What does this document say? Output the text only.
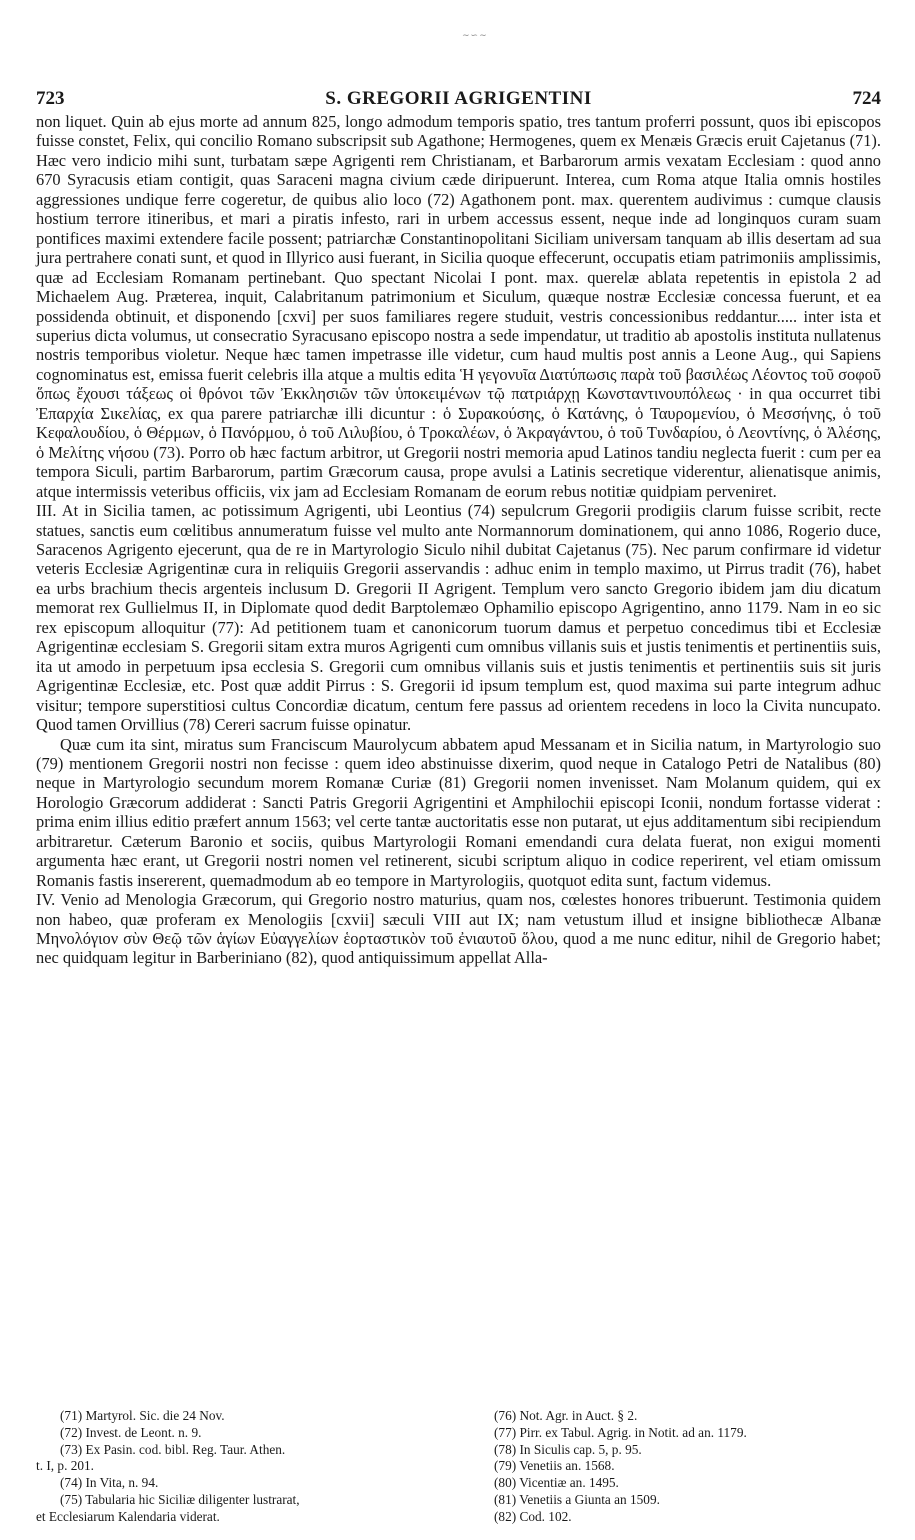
∼∽∼
723	S. GREGORII AGRIGENTINI	724

non liquet. Quin ab ejus morte ad annum 825, longo admodum temporis spatio, tres tantum proferri possunt, quos ibi episcopos fuisse constet, Felix, qui concilio Romano subscripsit sub Agathone; Hermogenes, quem ex Menæis Græcis eruit Cajetanus (71). Hæc vero indicio mihi sunt, turbatam sæpe Agrigenti rem Christianam, et Barbarorum armis vexatam Ecclesiam : quod anno 670 Syracusis etiam contigit, quas Saraceni magna civium cæde diripuerunt. Interea, cum Roma atque Italia omnis hostiles aggressiones undique ferre cogeretur, de quibus alio loco (72) Agathonem pont. max. querentem audivimus : cumque clausis hostium terrore itineribus, et mari a piratis infesto, rari in urbem accessus essent, neque inde ad longinquos curam suam pontifices maximi extendere facile possent; patriarchæ Constantinopolitani Siciliam universam tanquam ab illis desertam ad sua jura pertrahere conati sunt, et quod in Illyrico ausi fuerant, in Sicilia quoque effecerunt, occupatis etiam patrimoniis amplissimis, quæ ad Ecclesiam Romanam pertinebant. Quo spectant Nicolai I pont. max. querelæ ablata repetentis in epistola 2 ad Michaelem Aug. Præterea, inquit, Calabritanum patrimonium et Siculum, quæque nostræ Ecclesiæ concessa fuerunt, et ea possidenda obtinuit, et disponendo [cxvi] per suos familiares regere studuit, vestris concessionibus reddantur..... inter ista et superius dicta volumus, ut consecratio Syracusano episcopo nostra a sede impendatur, ut traditio ab apostolis instituta nullatenus nostris temporibus violetur. Neque hæc tamen impetrasse ille videtur, cum haud multis post annis a Leone Aug., qui Sapiens cognominatus est, emissa fuerit celebris illa atque a multis edita Ἡ γεγονυῖα Διατύπωσις παρὰ τοῦ βασιλέως Λέοντος τοῦ σοφοῦ ὅπως ἔχουσι τάξεως οἱ θρόνοι τῶν Ἐκκλησιῶν τῶν ὑποκειμένων τῷ πατριάρχῃ Κωνσταντινουπόλεως · in qua occurret tibi Ἐπαρχία Σικελίας, ex qua parere patriarchæ illi dicuntur : ὁ Συρακούσης, ὁ Κατάνης, ὁ Ταυρομενίου, ὁ Μεσσήνης, ὁ τοῦ Κεφαλουδίου, ὁ Θέρμων, ὁ Πανόρμου, ὁ τοῦ Λιλυβίου, ὁ Τροκαλέων, ὁ Ἀκραγάντου, ὁ τοῦ Τυνδαρίου, ὁ Λεοντίνης, ὁ Ἀλέσης, ὁ Μελίτης νήσου (73). Porro ob hæc factum arbitror, ut Gregorii nostri memoria apud Latinos tandiu neglecta fuerit : cum per ea tempora Siculi, partim Barbarorum, partim Græcorum causa, prope avulsi a Latinis secretique viderentur, alienatisque animis, atque intermissis veteribus officiis, vix jam ad Ecclesiam Romanam de eorum rebus notitiæ quidpiam perveniret.

III. At in Sicilia tamen, ac potissimum Agrigenti, ubi Leontius (74) sepulcrum Gregorii prodigiis clarum fuisse scribit, recte statues, sanctis eum cœlitibus annumeratum fuisse vel multo ante Normannorum dominationem, qui anno 1086, Rogerio duce, Saracenos Agrigento ejecerunt, qua de re in Martyrologio Siculo nihil dubitat Cajetanus (75). Nec parum confirmare id videtur veteris Ecclesiæ Agrigentinæ cura in reliquiis Gregorii asservandis : adhuc enim in templo maximo, ut Pirrus tradit (76), habet ea urbs brachium thecis argenteis inclusum D. Gregorii II Agrigent. Templum vero sancto Gregorio ibidem jam diu dicatum memorat rex Gullielmus II, in Diplomate quod dedit Barptolemæo Ophamilio episcopo Agrigentino, anno 1179. Nam in eo sic rex episcopum alloquitur (77): Ad petitionem tuam et canonicorum tuorum damus et perpetuo concedimus tibi et Ecclesiæ Agrigentinæ ecclesiam S. Gregorii sitam extra muros Agrigenti cum omnibus villanis suis et justis tenimentis et pertinentiis suis, ita ut amodo in perpetuum ipsa ecclesia S. Gregorii cum omnibus villanis suis et justis tenimentis et pertinentiis suis sit juris Agrigentinæ Ecclesiæ, etc. Post quæ addit Pirrus : S. Gregorii id ipsum templum est, quod maxima sui parte integrum adhuc visitur; tempore superstitiosi cultus Concordiæ dicatum, centum fere passus ad orientem recedens in loco la Civita nuncupato. Quod tamen Orvillius (78) Cereri sacrum fuisse opinatur.

Quæ cum ita sint, miratus sum Franciscum Maurolycum abbatem apud Messanam et in Sicilia natum, in Martyrologio suo (79) mentionem Gregorii nostri non fecisse : quem ideo abstinuisse dixerim, quod neque in Catalogo Petri de Natalibus (80) neque in Martyrologio secundum morem Romanæ Curiæ (81) Gregorii nomen invenisset. Nam Molanum quidem, qui ex Horologio Græcorum addiderat : Sancti Patris Gregorii Agrigentini et Amphilochii episcopi Iconii, nondum fortasse viderat : prima enim illius editio præfert annum 1563; vel certe tantæ auctoritatis esse non putarat, ut ejus additamentum sibi recipiendum arbitraretur. Cæterum Baronio et sociis, quibus Martyrologii Romani emendandi cura delata fuerat, non exigui momenti argumenta hæc erant, ut Gregorii nostri nomen vel retinerent, sicubi scriptum aliquo in codice reperirent, vel etiam omissum Romanis fastis insererent, quemadmodum ab eo tempore in Martyrologiis, quotquot edita sunt, factum videmus.

IV. Venio ad Menologia Græcorum, qui Gregorio nostro maturius, quam nos, cœlestes honores tribuerunt. Testimonia quidem non habeo, quæ proferam ex Menologiis [cxvii] sæculi VIII aut IX; nam vetustum illud et insigne bibliothecæ Albanæ Μηνολόγιον σὺν Θεῷ τῶν ἁγίων Εὐαγγελίων ἑορταστικὸν τοῦ ἐνιαυτοῦ ὅλου, quod a me nunc editur, nihil de Gregorio habet; nec quidquam legitur in Barberiniano (82), quod antiquissimum appellat Alla-

(71) Martyrol. Sic. die 24 Nov.
(72) Invest. de Leont. n. 9.
(73) Ex Pasin. cod. bibl. Reg. Taur. Athen.
t. I, p. 201.
(74) In Vita, n. 94.
(75) Tabularia hic Siciliæ diligenter lustrarat,
et Ecclesiarum Kalendaria viderat.
(76) Not. Agr. in Auct. § 2.
(77) Pirr. ex Tabul. Agrig. in Notit. ad an. 1179.
(78) In Siculis cap. 5, p. 95.
(79) Venetiis an. 1568.
(80) Vicentiæ an. 1495.
(81) Venetiis a Giunta an 1509.
(82) Cod. 102.
